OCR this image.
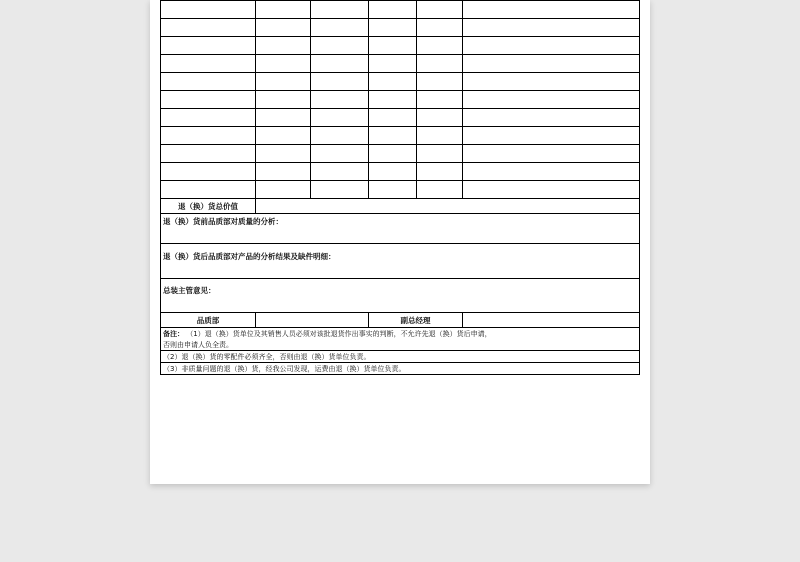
退（换）货总价值					
退（换）货前品质部对质量的分析：					
退（换）货后品质部对产品的分析结果及缺件明细：					
总装主管意见：					
品质部			副总经理		
备注： （1）退（换）货单位及其销售人员必须对该批退货作出事实的判断，不允许先退（换）货后申请，					
否则由申请人负全责。					
（2）退（换）货的零配件必须齐全，否则由退（换）货单位负责。					
（3）非质量问题的退（换）货，经我公司发现，运费由退（换）货单位负责。					
